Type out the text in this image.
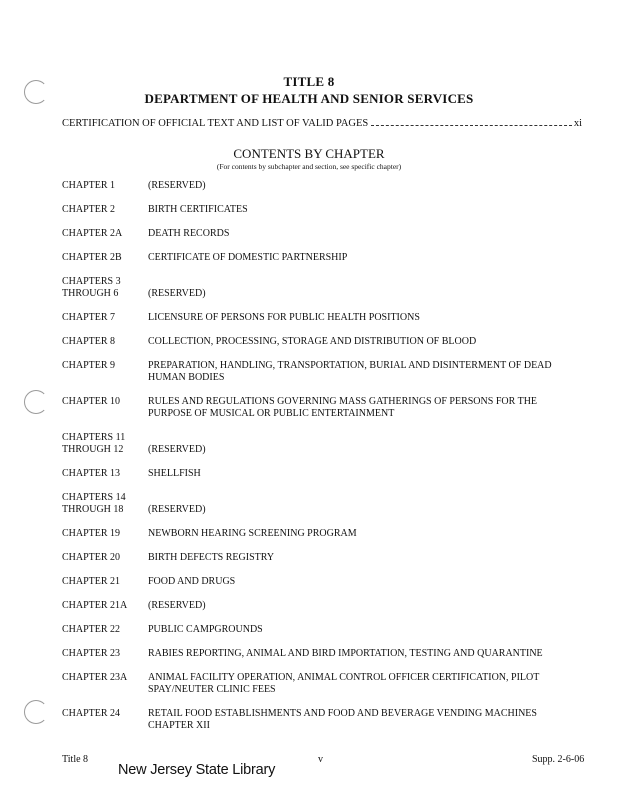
TITLE 8
DEPARTMENT OF HEALTH AND SENIOR SERVICES
CERTIFICATION OF OFFICIAL TEXT AND LIST OF VALID PAGES	xi
CONTENTS BY CHAPTER
(For contents by subchapter and section, see specific chapter)
CHAPTER 1	(RESERVED)
CHAPTER 2	BIRTH CERTIFICATES
CHAPTER 2A	DEATH RECORDS
CHAPTER 2B	CERTIFICATE OF DOMESTIC PARTNERSHIP
CHAPTERS 3
THROUGH 6	(RESERVED)
CHAPTER 7	LICENSURE OF PERSONS FOR PUBLIC HEALTH POSITIONS
CHAPTER 8	COLLECTION, PROCESSING, STORAGE AND DISTRIBUTION OF BLOOD
CHAPTER 9	PREPARATION, HANDLING, TRANSPORTATION, BURIAL AND DISINTERMENT OF DEAD HUMAN BODIES
CHAPTER 10	RULES AND REGULATIONS GOVERNING MASS GATHERINGS OF PERSONS FOR THE PURPOSE OF MUSICAL OR PUBLIC ENTERTAINMENT
CHAPTERS 11
THROUGH 12	(RESERVED)
CHAPTER 13	SHELLFISH
CHAPTERS 14
THROUGH 18	(RESERVED)
CHAPTER 19	NEWBORN HEARING SCREENING PROGRAM
CHAPTER 20	BIRTH DEFECTS REGISTRY
CHAPTER 21	FOOD AND DRUGS
CHAPTER 21A	(RESERVED)
CHAPTER 22	PUBLIC CAMPGROUNDS
CHAPTER 23	RABIES REPORTING, ANIMAL AND BIRD IMPORTATION, TESTING AND QUARANTINE
CHAPTER 23A	ANIMAL FACILITY OPERATION, ANIMAL CONTROL OFFICER CERTIFICATION, PILOT SPAY/NEUTER CLINIC FEES
CHAPTER 24	RETAIL FOOD ESTABLISHMENTS AND FOOD AND BEVERAGE VENDING MACHINES CHAPTER XII
Title 8	v	Supp. 2-6-06
New Jersey State Library
